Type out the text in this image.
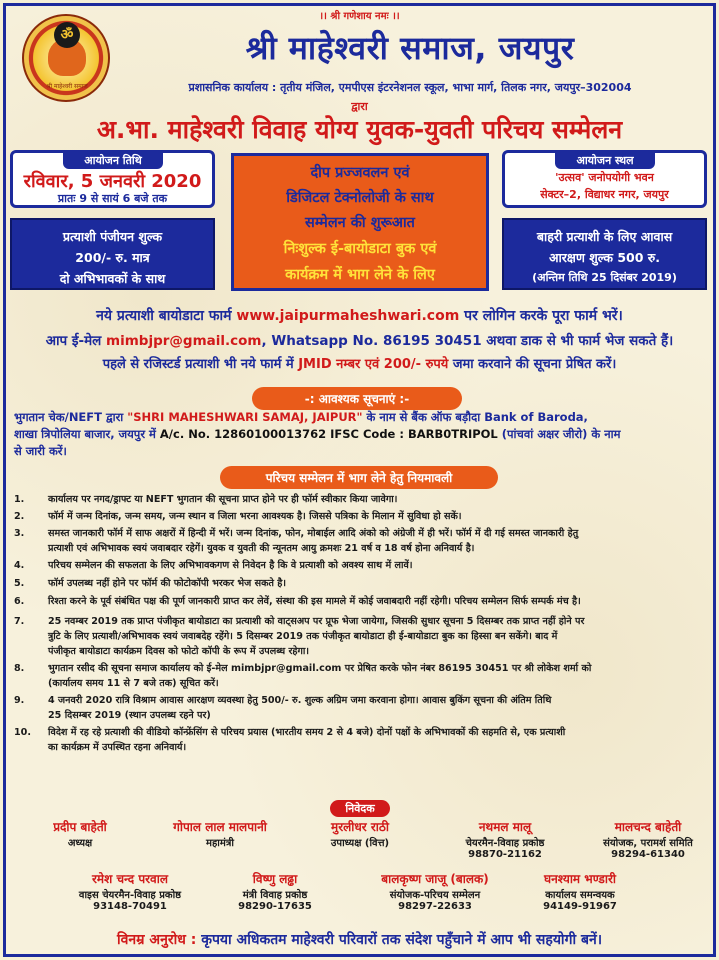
।। श्री गणेशाय नमः ।।
ॐ
श्री माहेश्वरी समाज
श्री माहेश्वरी समाज, जयपुर
प्रशासनिक कार्यालय : तृतीय मंजिल, एमपीएस इंटरनेशनल स्कूल, भाभा मार्ग, तिलक नगर, जयपुर–302004
द्वारा
अ.भा. माहेश्वरी विवाह योग्य युवक-युवती परिचय सम्मेलन
आयोजन तिथि
रविवार, 5 जनवरी 2020
प्रातः 9 से सायं 6 बजे तक
दीप प्रज्जवलन एवं
डिजिटल टेक्नोलोजी के साथ
सम्मेलन की शुरूआत
निःशुल्क ई-बायोडाटा बुक एवं
कार्यक्रम में भाग लेने के लिए
आयोजन स्थल
'उत्सव' जनोपयोगी भवन
सेक्टर–2, विद्याधर नगर, जयपुर
प्रत्याशी पंजीयन शुल्क
200/- रु. मात्र
दो अभिभावकों के साथ
बाहरी प्रत्याशी के लिए आवास
आरक्षण शुल्क 500 रु.
(अन्तिम तिथि 25 दिसंबर 2019)
नये प्रत्याशी बायोडाटा फार्म www.jaipurmaheshwari.com पर लोगिन करके पूरा फार्म भरें।
आप ई-मेल mimbjpr@gmail.com, Whatsapp No. 86195 30451 अथवा डाक से भी फार्म भेज सकते हैं।
पहले से रजिस्टर्ड प्रत्याशी भी नये फार्म में JMID नम्बर एवं 200/- रुपये जमा करवाने की सूचना प्रेषित करें।
-: आवश्यक सूचनाएं :-
भुगतान चेक/NEFT द्वारा "SHRI MAHESHWARI SAMAJ, JAIPUR" के नाम से बैंक ऑफ बड़ौदा Bank of Baroda,
शाखा त्रिपोलिया बाजार, जयपुर में A/c. No. 12860100013762 IFSC Code : BARB0TRIPOL (पांचवां अक्षर जीरो) के नाम
से जारी करें।
परिचय सम्मेलन में भाग लेने हेतु नियमावली
1.	कार्यालय पर नगद/ड्राफ्ट या NEFT भुगतान की सूचना प्राप्त होने पर ही फॉर्म स्वीकार किया जावेगा।
2.	फॉर्म में जन्म दिनांक, जन्म समय, जन्म स्थान व जिला भरना आवश्यक है। जिससे पत्रिका के मिलान में सुविधा हो सकें।
3.	समस्त जानकारी फॉर्म में साफ अक्षरों में हिन्दी में भरें। जन्म दिनांक, फोन, मोबाईल आदि अंको को अंग्रेजी में ही भरें। फॉर्म में दी गई समस्त जानकारी हेतु
प्रत्याशी एवं अभिभावक स्वयं जवाबदार रहेगें। युवक व युवती की न्यूनतम आयु क्रमशः 21 वर्ष व 18 वर्ष होना अनिवार्य है।
4.	परिचय सम्मेलन की सफलता के लिए अभिभावकगण से निवेदन है कि वे प्रत्याशी को अवश्य साथ में लावें।
5.	फॉर्म उपलब्ध नहीं होने पर फॉर्म की फोटोकॉपी भरकर भेज सकते है।
6.	रिश्ता करने के पूर्व संबंधित पक्ष की पूर्ण जानकारी प्राप्त कर लेवें, संस्था की इस मामले में कोई जवाबदारी नहीं रहेगी। परिचय सम्मेलन सिर्फ सम्पर्क मंच है।
7.	25 नवम्बर 2019 तक प्राप्त पंजीकृत बायोडाटा का प्रत्याशी को वाट्सअप पर प्रूफ भेजा जायेगा, जिसकी सुधार सूचना 5 दिसम्बर तक प्राप्त नहीं होने पर
त्रुटि के लिए प्रत्याशी/अभिभावक स्वयं जवाबदेह रहेंगे। 5 दिसम्बर 2019 तक पंजीकृत बायोडाटा ही ई-बायोडाटा बुक का हिस्सा बन सकेंगे। बाद में
पंजीकृत बायोडाटा कार्यक्रम दिवस को फोटो कॉपी के रूप में उपलब्ध रहेगा।
8.	भुगतान रसीद की सूचना समाज कार्यालय को ई-मेल mimbjpr@gmail.com पर प्रेषित करके फोन नंबर 86195 30451 पर श्री लोकेश शर्मा को
(कार्यालय समय 11 से 7 बजे तक) सूचित करें।
9.	4 जनवरी 2020 रात्रि विश्राम आवास आरक्षण व्यवस्था हेतु 500/- रु. शुल्क अग्रिम जमा करवाना होगा। आवास बुकिंग सूचना की अंतिम तिथि
25 दिसम्बर 2019 (स्थान उपलब्ध रहने पर)
10.	विदेश में रह रहे प्रत्याशी की वीडियो कॉन्फ्रेंसिंग से परिचय प्रयास (भारतीय समय 2 से 4 बजे) दोनों पक्षों के अभिभावकों की सहमति से, एक प्रत्याशी
का कार्यक्रम में उपस्थित रहना अनिवार्य।
निवेदक
प्रदीप बाहेती
अध्यक्ष
गोपाल लाल मालपानी
महामंत्री
मुरलीधर राठी
उपाध्यक्ष (वित्त)
नथमल मालू
चेयरमैन-विवाह प्रकोष्ठ
98870-21162
मालचन्द बाहेती
संयोजक, परामर्श समिति
98294-61340
रमेश चन्द परवाल
वाइस चेयरमैन-विवाह प्रकोष्ठ
93148-70491
विष्णु लढ्ढा
मंत्री विवाह प्रकोष्ठ
98290-17635
बालकृष्ण जाजू (बालक)
संयोजक-परिचय सम्मेलन
98297-22633
घनश्याम भण्डारी
कार्यालय समन्वयक
94149-91967
विनम्र अनुरोध : कृपया अधिकतम माहेश्वरी परिवारों तक संदेश पहुँचाने में आप भी सहयोगी बनें।
